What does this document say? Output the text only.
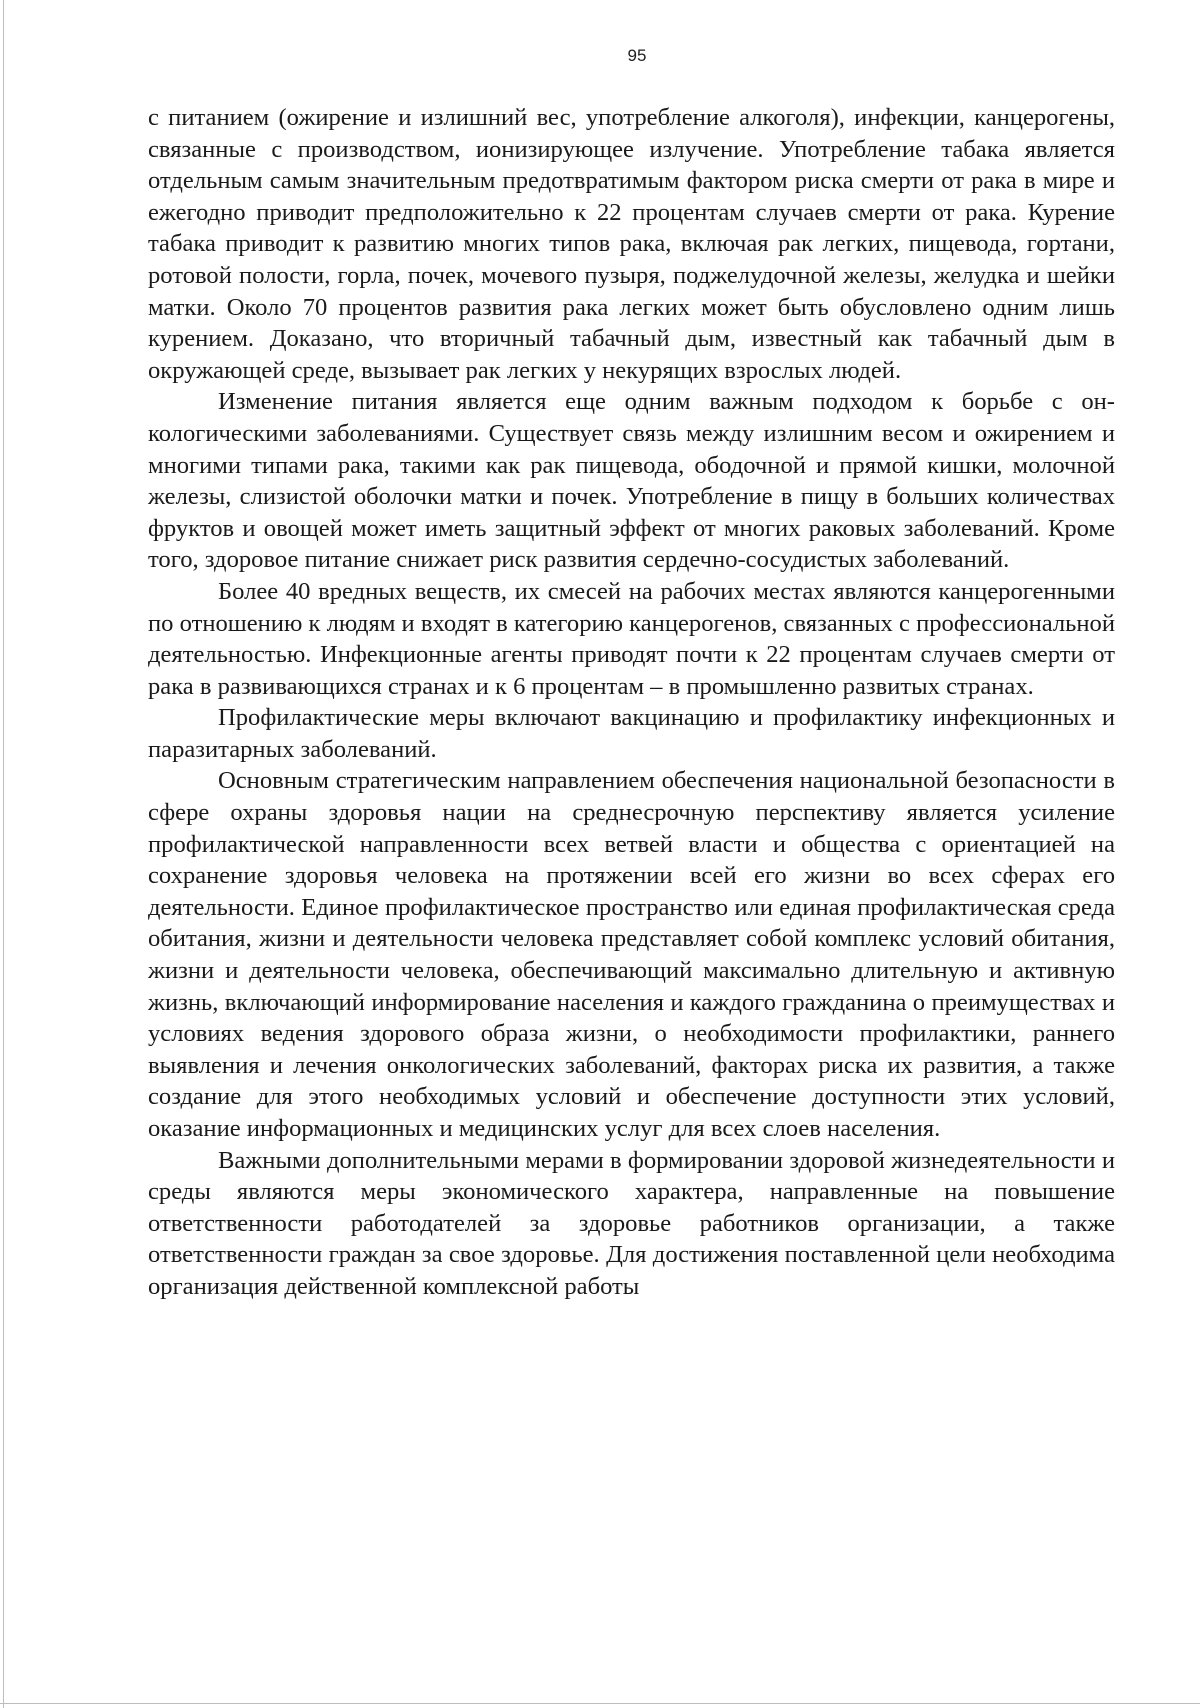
95

с питанием (ожирение и излишний вес, употребление алкоголя), инфекции, канцерогены, связанные с производством, ионизирующее излучение. Употребление табака является отдельным самым значительным предотвратимым фактором риска смерти от рака в мире и ежегодно приводит предположительно к 22 процентам случаев смерти от рака. Курение табака приводит к развитию многих типов рака, включая рак легких, пищевода, гортани, ротовой полости, горла, почек, мочевого пузыря, поджелудочной железы, желудка и шейки матки. Около 70 процентов развития рака легких может быть обусловлено одним лишь курением. Доказано, что вторичный табачный дым, известный как табачный дым в окружающей среде, вызывает рак легких у некурящих взрослых людей.

Изменение питания является еще одним важным подходом к борьбе с онкологическими заболеваниями. Существует связь между излишним весом и ожирением и многими типами рака, такими как рак пищевода, ободочной и прямой кишки, молочной железы, слизистой оболочки матки и почек. Употребление в пищу в больших количествах фруктов и овощей может иметь защитный эффект от многих раковых заболеваний. Кроме того, здоровое питание снижает риск развития сердечно-сосудистых заболеваний.

Более 40 вредных веществ, их смесей на рабочих местах являются канцерогенными по отношению к людям и входят в категорию канцерогенов, связанных с профессиональной деятельностью. Инфекционные агенты приводят почти к 22 процентам случаев смерти от рака в развивающихся странах и к 6 процентам – в промышленно развитых странах.

Профилактические меры включают вакцинацию и профилактику инфекционных и паразитарных заболеваний.

Основным стратегическим направлением обеспечения национальной безопасности в сфере охраны здоровья нации на среднесрочную перспективу является усиление профилактической направленности всех ветвей власти и общества с ориентацией на сохранение здоровья человека на протяжении всей его жизни во всех сферах его деятельности. Единое профилактическое пространство или единая профилактическая среда обитания, жизни и деятельности человека представляет собой комплекс условий обитания, жизни и деятельности человека, обеспечивающий максимально длительную и активную жизнь, включающий информирование населения и каждого гражданина о преимуществах и условиях ведения здорового образа жизни, о необходимости профилактики, раннего выявления и лечения онкологических заболеваний, факторах риска их развития, а также создание для этого необходимых условий и обеспечение доступности этих условий, оказание информационных и медицинских услуг для всех слоев населения.

Важными дополнительными мерами в формировании здоровой жизнедеятельности и среды являются меры экономического характера, направленные на повышение ответственности работодателей за здоровье работников организации, а также ответственности граждан за свое здоровье. Для достижения поставленной цели необходима организация действенной комплексной работы
